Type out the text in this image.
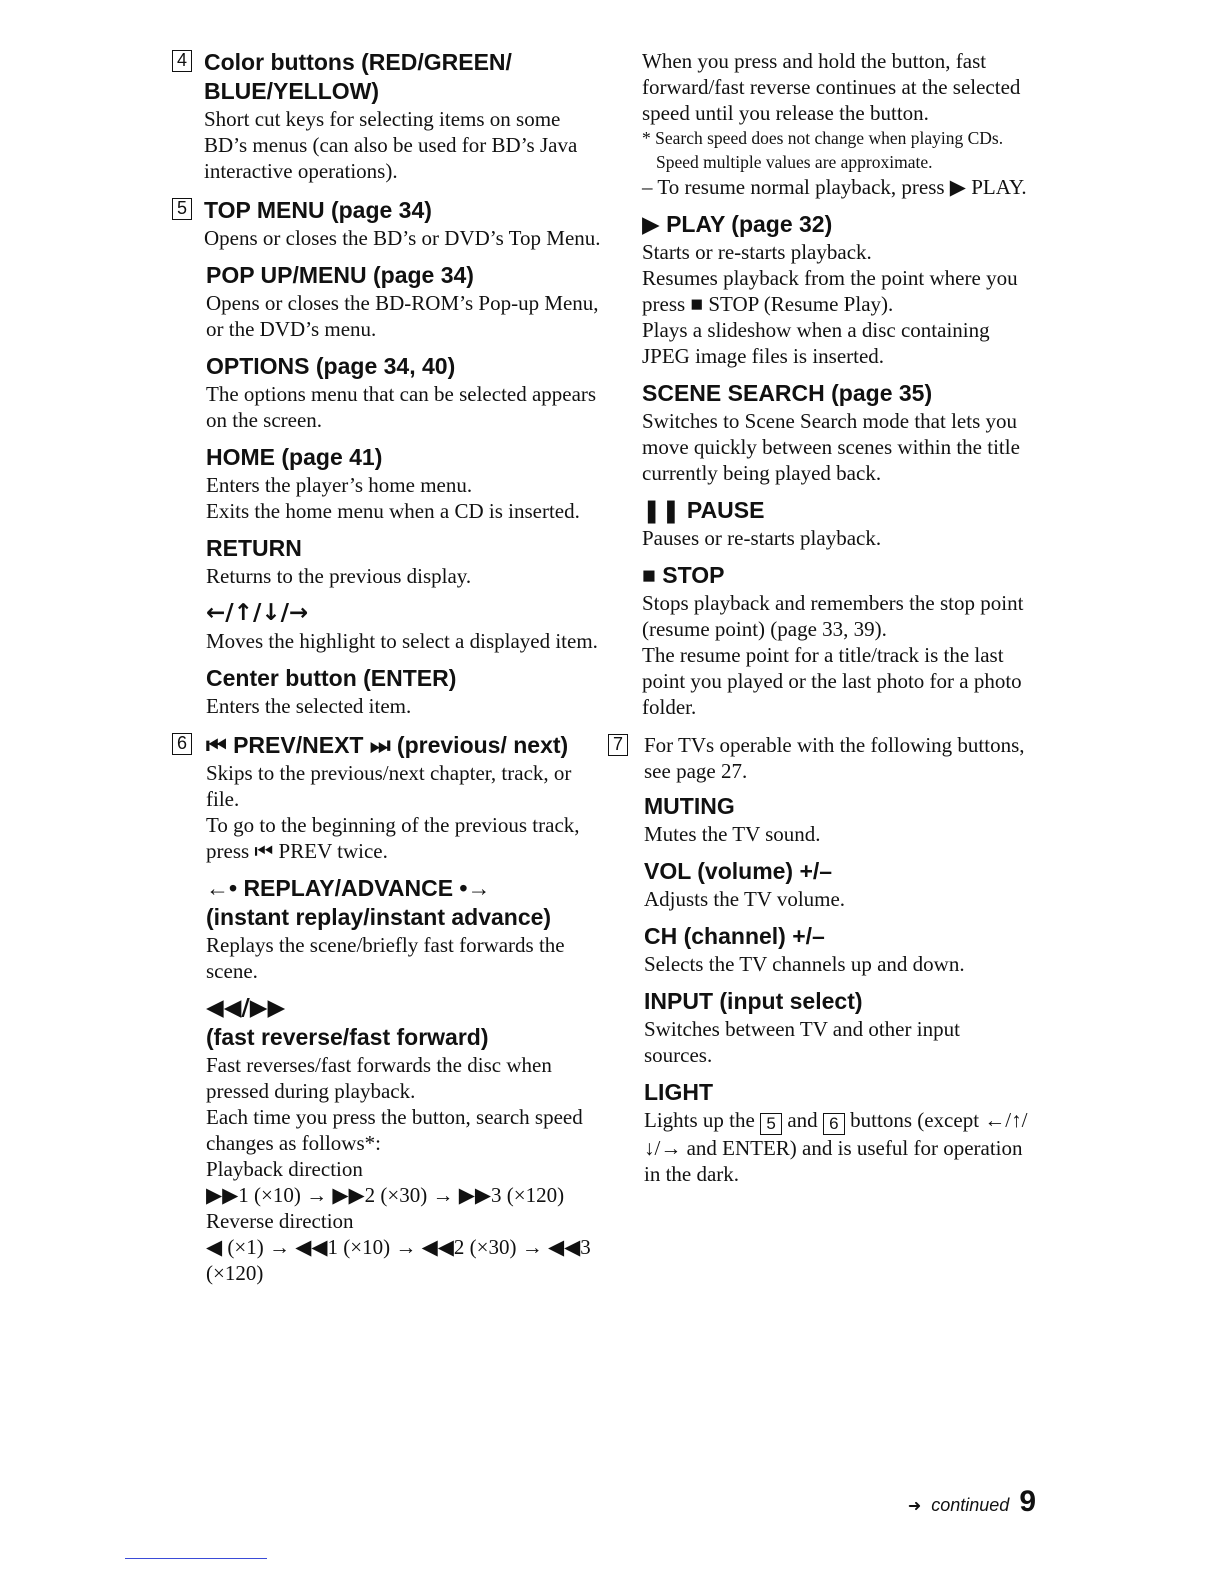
4 Color buttons (RED/GREEN/ BLUE/YELLOW)

Short cut keys for selecting items on some BD’s menus (can also be used for BD’s Java interactive operations).

5 TOP MENU (page 34)

Opens or closes the BD’s or DVD’s Top Menu.

POP UP/MENU (page 34)

Opens or closes the BD-ROM’s Pop-up Menu, or the DVD’s menu.

OPTIONS (page 34, 40)

The options menu that can be selected appears on the screen.

HOME (page 41)

Enters the player’s home menu.

Exits the home menu when a CD is inserted.

RETURN

Returns to the previous display.

←/↑/↓/→

Moves the highlight to select a displayed item.

Center button (ENTER)

Enters the selected item.

6 ⏮ PREV/NEXT ⏭ (previous/ next)

Skips to the previous/next chapter, track, or file.

To go to the beginning of the previous track, press ⏮ PREV twice.

←• REPLAY/ADVANCE •→
(instant replay/instant advance)

Replays the scene/briefly fast forwards the scene.

◀◀/▶▶
(fast reverse/fast forward)

Fast reverses/fast forwards the disc when pressed during playback.

Each time you press the button, search speed changes as follows*:

Playback direction

▶▶1 (×10) → ▶▶2 (×30) → ▶▶3 (×120)

Reverse direction

◀ (×1) → ◀◀1 (×10) → ◀◀2 (×30) → ◀◀3 (×120)

When you press and hold the button, fast forward/fast reverse continues at the selected speed until you release the button.

* Search speed does not change when playing CDs.

Speed multiple values are approximate.

– To resume normal playback, press ▶ PLAY.

▶ PLAY (page 32)

Starts or re-starts playback.

Resumes playback from the point where you press ■ STOP (Resume Play).

Plays a slideshow when a disc containing JPEG image files is inserted.

SCENE SEARCH (page 35)

Switches to Scene Search mode that lets you move quickly between scenes within the title currently being played back.

❚❚ PAUSE

Pauses or re-starts playback.

■ STOP

Stops playback and remembers the stop point (resume point) (page 33, 39).

The resume point for a title/track is the last point you played or the last photo for a photo folder.

7 For TVs operable with the following buttons, see page 27.

MUTING

Mutes the TV sound.

VOL (volume) +/–

Adjusts the TV volume.

CH (channel) +/–

Selects the TV channels up and down.

INPUT (input select)

Switches between TV and other input sources.

LIGHT

Lights up the 5 and 6 buttons (except ←/↑/↓/→ and ENTER) and is useful for operation in the dark.

➜ continued 9
